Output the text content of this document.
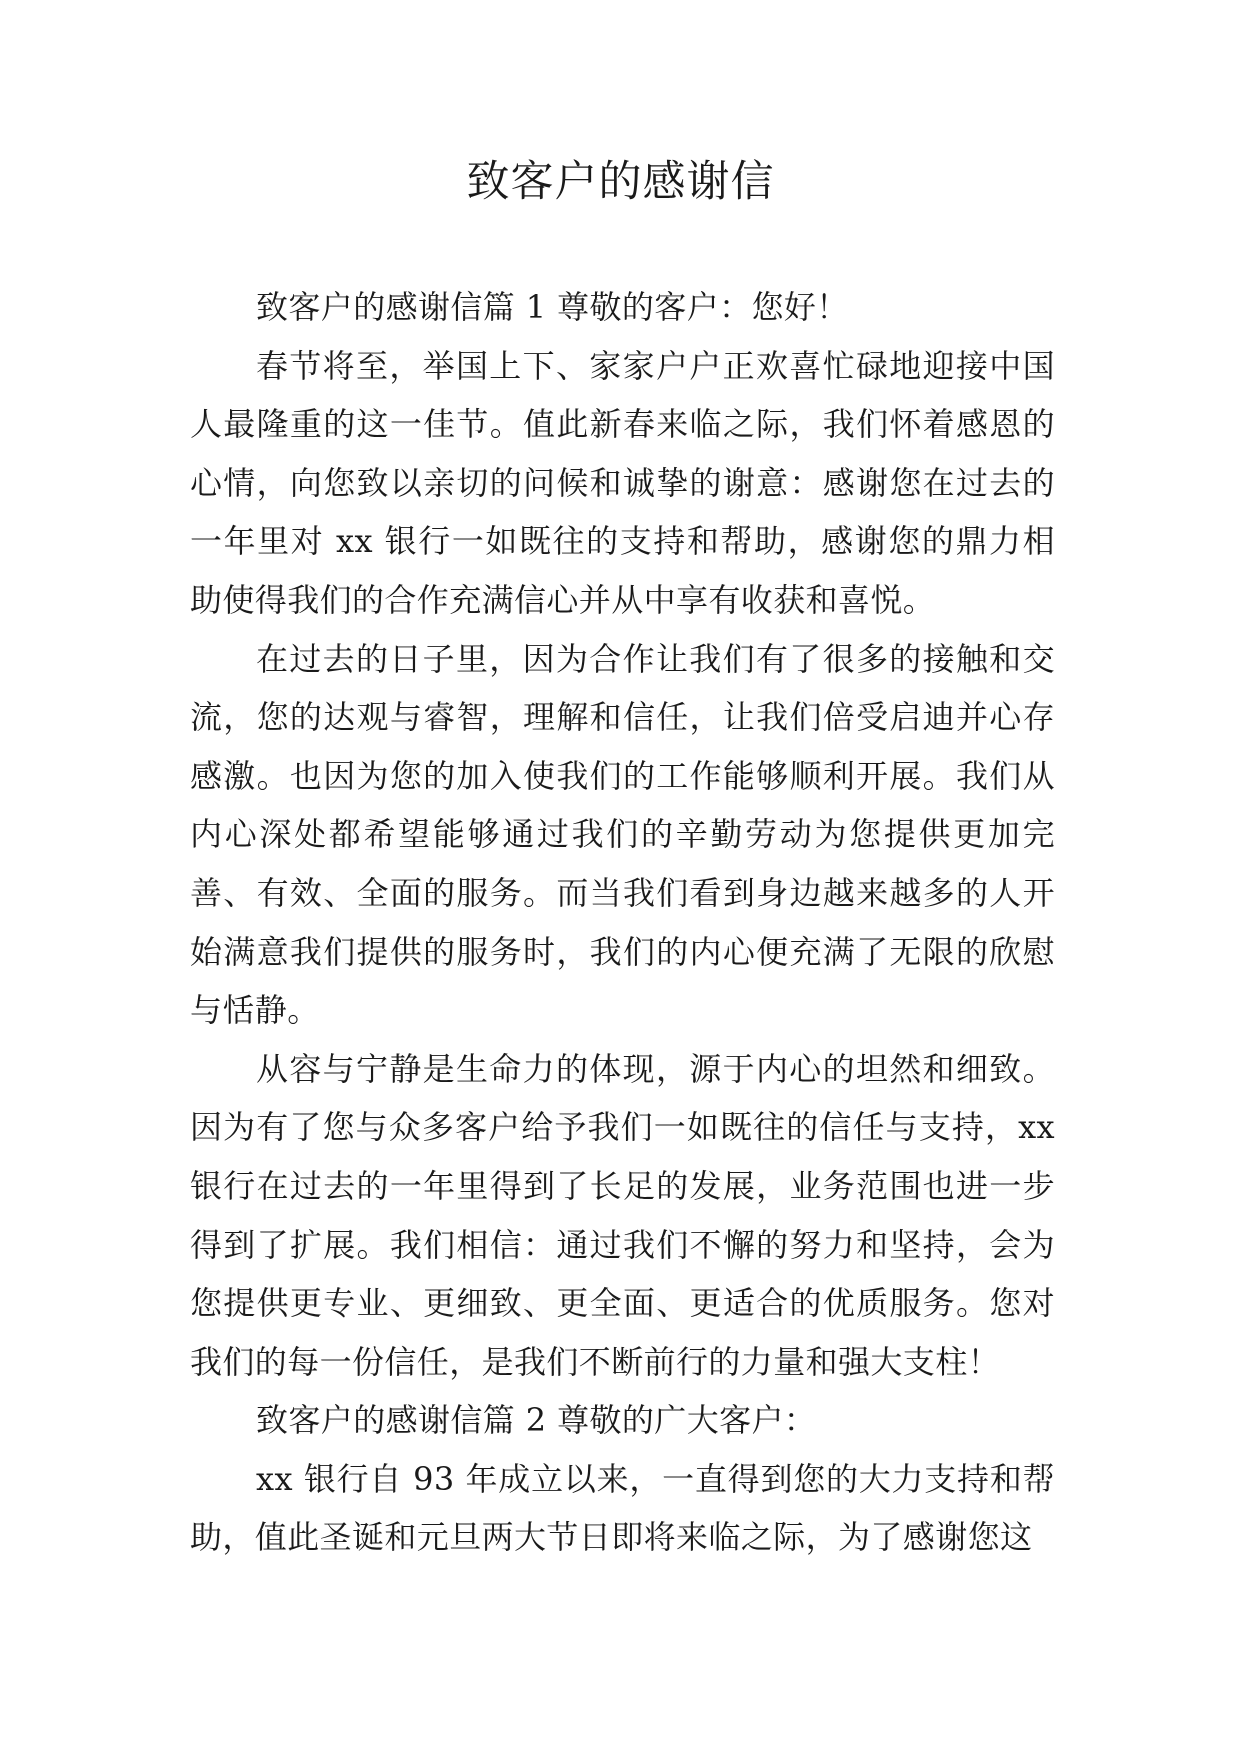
致客户的感谢信

致客户的感谢信篇 1 尊敬的客户：您好！

春节将至，举国上下、家家户户正欢喜忙碌地迎接中国人最隆重的这一佳节。值此新春来临之际，我们怀着感恩的心情，向您致以亲切的问候和诚挚的谢意：感谢您在过去的一年里对 xx 银行一如既往的支持和帮助，感谢您的鼎力相助使得我们的合作充满信心并从中享有收获和喜悦。

在过去的日子里，因为合作让我们有了很多的接触和交流，您的达观与睿智，理解和信任，让我们倍受启迪并心存感激。也因为您的加入使我们的工作能够顺利开展。我们从内心深处都希望能够通过我们的辛勤劳动为您提供更加完善、有效、全面的服务。而当我们看到身边越来越多的人开始满意我们提供的服务时，我们的内心便充满了无限的欣慰与恬静。

从容与宁静是生命力的体现，源于内心的坦然和细致。因为有了您与众多客户给予我们一如既往的信任与支持，xx 银行在过去的一年里得到了长足的发展，业务范围也进一步得到了扩展。我们相信：通过我们不懈的努力和坚持，会为您提供更专业、更细致、更全面、更适合的优质服务。您对我们的每一份信任，是我们不断前行的力量和强大支柱！

致客户的感谢信篇 2 尊敬的广大客户：

xx 银行自 93 年成立以来，一直得到您的大力支持和帮助，值此圣诞和元旦两大节日即将来临之际，为了感谢您这
